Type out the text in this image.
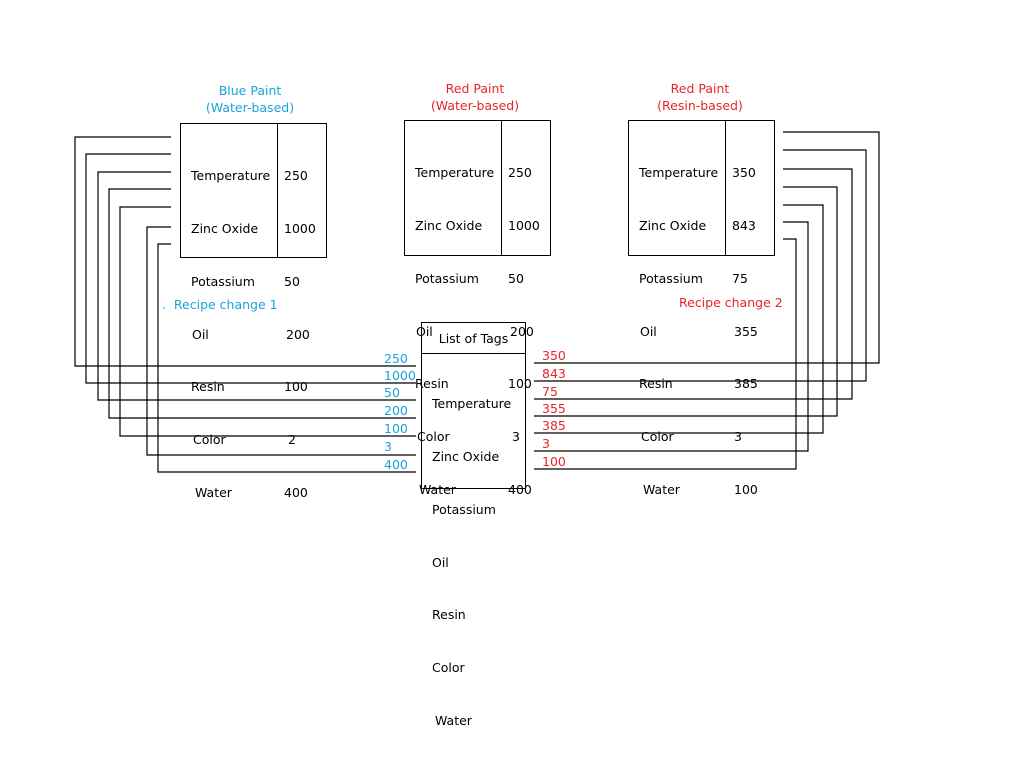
Blue Paint
(Water-based)

Temperature

Zinc Oxide

Potassium

Oil

Resin

Color

Water

250

1000

50

200

100

2

400

Red Paint
(Water-based)

Temperature

Zinc Oxide

Potassium

Oil

Resin

Color

Water

250

1000

50

200

100

3

400

Red Paint
(Resin-based)

Temperature

Zinc Oxide

Potassium

Oil

Resin

Color

Water

350

843

75

355

385

3

100

.  Recipe change 1	Recipe change 2
250
1000
50
200
100
3
400
350
843
75
355
385
3
100
List of Tags

Temperature

Zinc Oxide

Potassium

Oil

Resin

Color

Water
